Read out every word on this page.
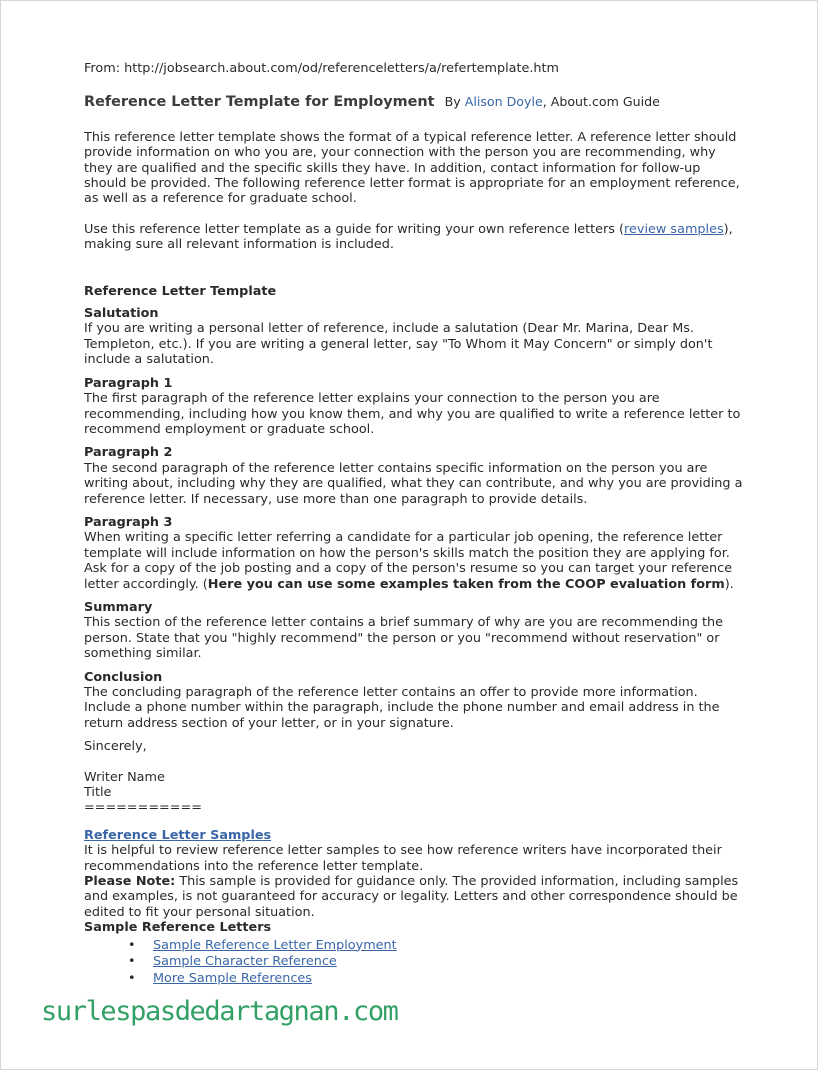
From: http://jobsearch.about.com/od/referenceletters/a/refertemplate.htm

Reference Letter Template for Employment By Alison Doyle, About.com Guide

This reference letter template shows the format of a typical reference letter. A reference letter should provide information on who you are, your connection with the person you are recommending, why they are qualified and the specific skills they have. In addition, contact information for follow-up should be provided. The following reference letter format is appropriate for an employment reference, as well as a reference for graduate school.

Use this reference letter template as a guide for writing your own reference letters (review samples), making sure all relevant information is included.

Reference Letter Template
Salutation

If you are writing a personal letter of reference, include a salutation (Dear Mr. Marina, Dear Ms. Templeton, etc.). If you are writing a general letter, say "To Whom it May Concern" or simply don't include a salutation.

Paragraph 1

The first paragraph of the reference letter explains your connection to the person you are recommending, including how you know them, and why you are qualified to write a reference letter to recommend employment or graduate school.

Paragraph 2

The second paragraph of the reference letter contains specific information on the person you are writing about, including why they are qualified, what they can contribute, and why you are providing a reference letter. If necessary, use more than one paragraph to provide details.

Paragraph 3

When writing a specific letter referring a candidate for a particular job opening, the reference letter template will include information on how the person's skills match the position they are applying for. Ask for a copy of the job posting and a copy of the person's resume so you can target your reference letter accordingly. (Here you can use some examples taken from the COOP evaluation form).

Summary

This section of the reference letter contains a brief summary of why are you are recommending the person. State that you "highly recommend" the person or you "recommend without reservation" or something similar.

Conclusion

The concluding paragraph of the reference letter contains an offer to provide more information. Include a phone number within the paragraph, include the phone number and email address in the return address section of your letter, or in your signature.

Sincerely,

Writer Name

Title

===========

Reference Letter Samples

It is helpful to review reference letter samples to see how reference writers have incorporated their recommendations into the reference letter template.

Please Note: This sample is provided for guidance only. The provided information, including samples and examples, is not guaranteed for accuracy or legality. Letters and other correspondence should be edited to fit your personal situation.

Sample Reference Letters
• Sample Reference Letter Employment
• Sample Character Reference
• More Sample References
surlespasdedartagnan.com
